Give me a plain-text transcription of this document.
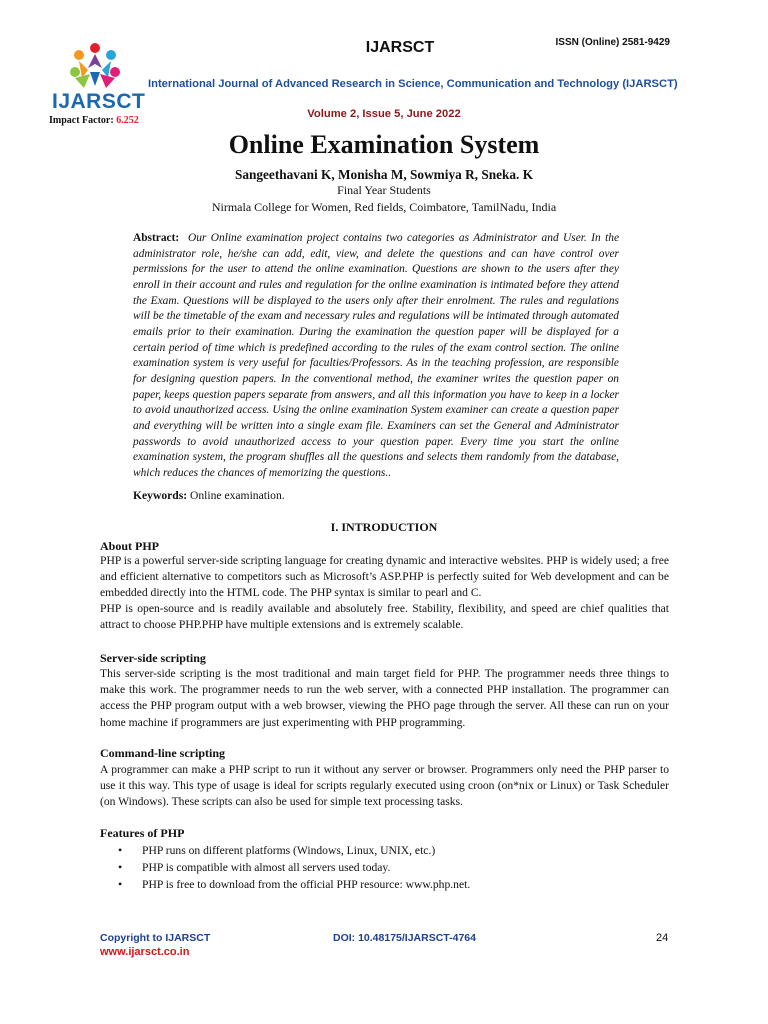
IJARSCT
Impact Factor: 6.252
IJARSCT	ISSN (Online) 2581-9429
International Journal of Advanced Research in Science, Communication and Technology (IJARSCT)
Volume 2, Issue 5, June 2022
Online Examination System
Sangeethavani K, Monisha M, Sowmiya R, Sneka. K
Final Year Students
Nirmala College for Women, Red fields, Coimbatore, TamilNadu, India
Abstract: Our Online examination project contains two categories as Administrator and User. In the administrator role, he/she can add, edit, view, and delete the questions and can have control over permissions for the user to attend the online examination. Questions are shown to the users after they enroll in their account and rules and regulation for the online examination is intimated before they attend the Exam. Questions will be displayed to the users only after their enrolment. The rules and regulations will be the timetable of the exam and necessary rules and regulations will be intimated through automated emails prior to their examination. During the examination the question paper will be displayed for a certain period of time which is predefined according to the rules of the exam control section. The online examination system is very useful for faculties/Professors. As in the teaching profession, are responsible for designing question papers. In the conventional method, the examiner writes the question paper on paper, keeps question papers separate from answers, and all this information you have to keep in a locker to avoid unauthorized access. Using the online examination System examiner can create a question paper and everything will be written into a single exam file. Examiners can set the General and Administrator passwords to avoid unauthorized access to your question paper. Every time you start the online examination system, the program shuffles all the questions and selects them randomly from the database, which reduces the chances of memorizing the questions..
Keywords: Online examination.
I. INTRODUCTION
About PHP
PHP is a powerful server-side scripting language for creating dynamic and interactive websites. PHP is widely used; a free and efficient alternative to competitors such as Microsoft’s ASP.PHP is perfectly suited for Web development and can be embedded directly into the HTML code. The PHP syntax is similar to pearl and C.
PHP is open-source and is readily available and absolutely free. Stability, flexibility, and speed are chief qualities that attract to choose PHP.PHP have multiple extensions and is extremely scalable.
Server-side scripting
This server-side scripting is the most traditional and main target field for PHP. The programmer needs three things to make this work. The programmer needs to run the web server, with a connected PHP installation. The programmer can access the PHP program output with a web browser, viewing the PHO page through the server. All these can run on your home machine if programmers are just experimenting with PHP programming.
Command-line scripting
A programmer can make a PHP script to run it without any server or browser. Programmers only need the PHP parser to use it this way. This type of usage is ideal for scripts regularly executed using croon (on*nix or Linux) or Task Scheduler (on Windows). These scripts can also be used for simple text processing tasks.
Features of PHP
• PHP runs on different platforms (Windows, Linux, UNIX, etc.)
• PHP is compatible with almost all servers used today.
• PHP is free to download from the official PHP resource: www.php.net.
Copyright to IJARSCT
www.ijarsct.co.in
DOI: 10.48175/IJARSCT-4764	24
